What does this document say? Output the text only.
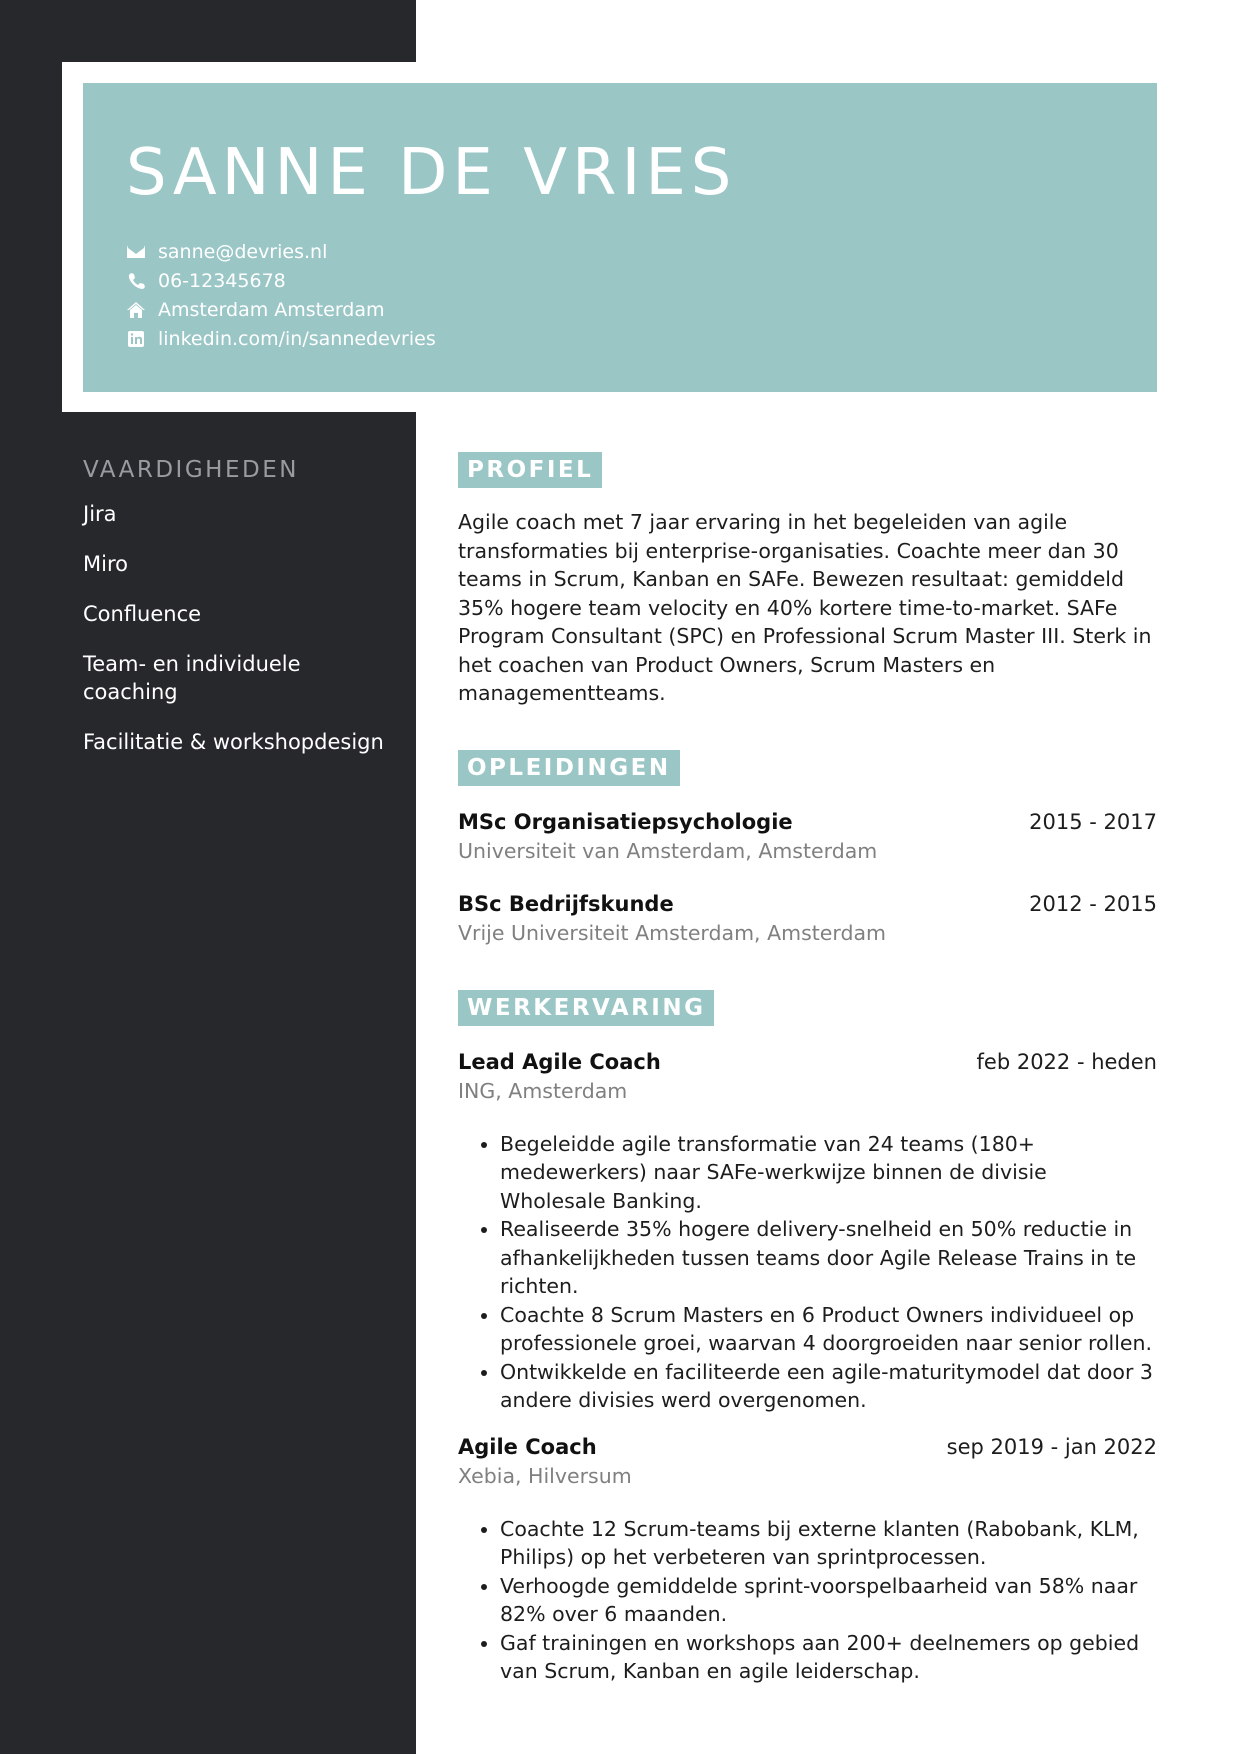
SANNE DE VRIES
sanne@devries.nl
06-12345678
Amsterdam Amsterdam
linkedin.com/in/sannedevries
VAARDIGHEDEN
Jira
Miro
Confluence
Team- en individuele coaching
Facilitatie & workshopdesign
PROFIEL

Agile coach met 7 jaar ervaring in het begeleiden van agile transformaties bij enterprise-organisaties. Coachte meer dan 30 teams in Scrum, Kanban en SAFe. Bewezen resultaat: gemiddeld 35% hogere team velocity en 40% kortere time-to-market. SAFe Program Consultant (SPC) en Professional Scrum Master III. Sterk in het coachen van Product Owners, Scrum Masters en managementteams.

OPLEIDINGEN
MSc Organisatiepsychologie	2015 - 2017
Universiteit van Amsterdam, Amsterdam
BSc Bedrijfskunde	2012 - 2015
Vrije Universiteit Amsterdam, Amsterdam
WERKERVARING
Lead Agile Coach	feb 2022 - heden
ING, Amsterdam
• Begeleidde agile transformatie van 24 teams (180+ medewerkers) naar SAFe-werkwijze binnen de divisie Wholesale Banking.
• Realiseerde 35% hogere delivery-snelheid en 50% reductie in afhankelijkheden tussen teams door Agile Release Trains in te richten.
• Coachte 8 Scrum Masters en 6 Product Owners individueel op professionele groei, waarvan 4 doorgroeiden naar senior rollen.
• Ontwikkelde en faciliteerde een agile-maturitymodel dat door 3 andere divisies werd overgenomen.
Agile Coach	sep 2019 - jan 2022
Xebia, Hilversum
• Coachte 12 Scrum-teams bij externe klanten (Rabobank, KLM, Philips) op het verbeteren van sprintprocessen.
• Verhoogde gemiddelde sprint-voorspelbaarheid van 58% naar 82% over 6 maanden.
• Gaf trainingen en workshops aan 200+ deelnemers op gebied van Scrum, Kanban en agile leiderschap.
